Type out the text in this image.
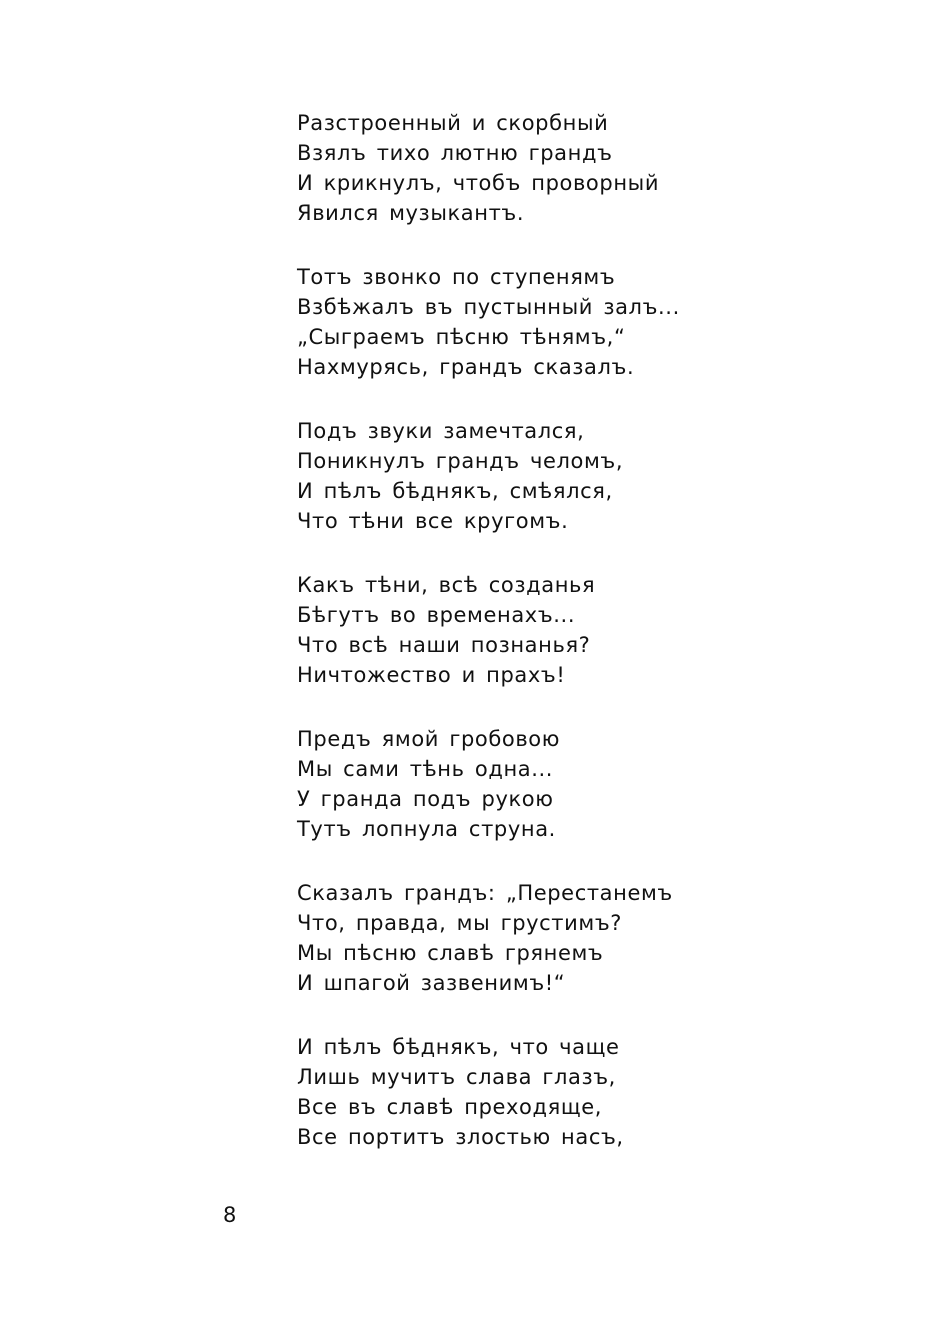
Разстроенный и скорбный
Взялъ тихо лютню грандъ
И крикнулъ, чтобъ проворный
Явился музыкантъ.
Тотъ звонко по ступенямъ
Взбѣжалъ въ пустынный залъ...
„Сыграемъ пѣсню тѣнямъ,“
Нахмурясь, грандъ сказалъ.
Подъ звуки замечтался,
Поникнулъ грандъ челомъ,
И пѣлъ бѣднякъ, смѣялся,
Что тѣни все кругомъ.
Какъ тѣни, всѣ созданья
Бѣгутъ во временахъ...
Что всѣ наши познанья?
Ничтожество и прахъ!
Предъ ямой гробовою
Мы сами тѣнь одна...
У гранда подъ рукою
Тутъ лопнула струна.
Сказалъ грандъ: „Перестанемъ
Что, правда, мы грустимъ?
Мы пѣсню славѣ грянемъ
И шпагой зазвенимъ!“
И пѣлъ бѣднякъ, что чаще
Лишь мучитъ слава глазъ,
Все въ славѣ преходяще,
Все портитъ злостью насъ,
8
